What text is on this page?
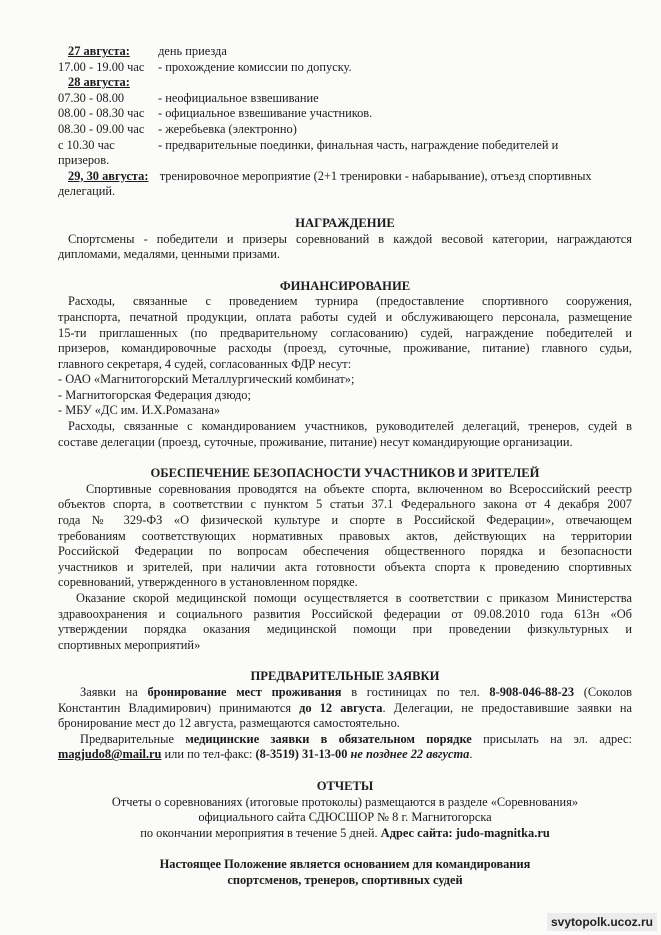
27 августа: день приезда
17.00 - 19.00 час	- прохождение комиссии по допуску.
28 августа:
07.30 - 08.00	- неофициальное взвешивание
08.00 - 08.30 час	- официальное взвешивание участников.
08.30 - 09.00 час	- жеребьевка (электронно)
с 10.30 час	- предварительные поединки, финальная часть, награждение победителей и
призеров.
29, 30 августа: тренировочное мероприятие (2+1 тренировки - набарывание), отъезд спортивных
делегаций.
НАГРАЖДЕНИЕ
Спортсмены - победители и призеры соревнований в каждой весовой категории, награждаются
дипломами, медалями, ценными призами.
ФИНАНСИРОВАНИЕ
Расходы, связанные с проведением турнира (предоставление спортивного сооружения,
транспорта, печатной продукции, оплата работы судей и обслуживающего персонала, размещение
15-ти приглашенных (по предварительному согласованию) судей, награждение победителей и
призеров, командировочные расходы (проезд, суточные, проживание, питание) главного судьи,
главного секретаря, 4 судей, согласованных ФДР несут:
- ОАО «Магнитогорский Металлургический комбинат»;
- Магнитогорская Федерация дзюдо;
- МБУ «ДС им. И.Х.Ромазана»
Расходы, связанные с командированием участников, руководителей делегаций, тренеров, судей в
составе делегации (проезд, суточные, проживание, питание) несут командирующие организации.
ОБЕСПЕЧЕНИЕ БЕЗОПАСНОСТИ УЧАСТНИКОВ И ЗРИТЕЛЕЙ
Спортивные соревнования проводятся на объекте спорта, включенном во Всероссийский реестр
объектов спорта, в соответствии с пунктом 5 статьи 37.1 Федерального закона от 4 декабря 2007
года № 329-ФЗ «О физической культуре и спорте в Российской Федерации», отвечающем
требованиям соответствующих нормативных правовых актов, действующих на территории
Российской Федерации по вопросам обеспечения общественного порядка и безопасности
участников и зрителей, при наличии акта готовности объекта спорта к проведению спортивных
соревнований, утвержденного в установленном порядке.
Оказание скорой медицинской помощи осуществляется в соответствии с приказом Министерства
здравоохранения и социального развития Российской федерации от 09.08.2010 года 613н «Об
утверждении порядка оказания медицинской помощи при проведении физкультурных и
спортивных мероприятий»
ПРЕДВАРИТЕЛЬНЫЕ ЗАЯВКИ
Заявки на бронирование мест проживания в гостиницах по тел. 8-908-046-88-23 (Соколов
Константин Владимирович) принимаются до 12 августа. Делегации, не предоставившие заявки на
бронирование мест до 12 августа, размещаются самостоятельно.
Предварительные медицинские заявки в обязательном порядке присылать на эл. адрес:
magjudo8@mail.ru или по тел-факс: (8-3519) 31-13-00 не позднее 22 августа.
ОТЧЕТЫ
Отчеты о соревнованиях (итоговые протоколы) размещаются в разделе «Соревнования»
официального сайта СДЮСШОР № 8 г. Магнитогорска
по окончании мероприятия в течение 5 дней. Адрес сайта: judo-magnitka.ru
Настоящее Положение является основанием для командирования
спортсменов, тренеров, спортивных судей
svytopolk.ucoz.ru
